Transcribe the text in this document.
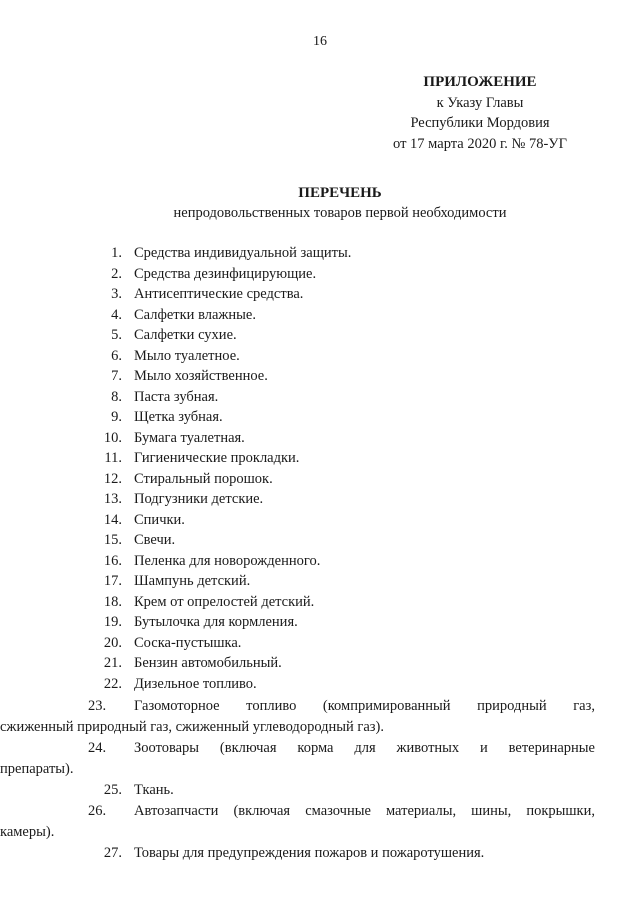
16
ПРИЛОЖЕНИЕ
к Указу Главы
Республики Мордовия
от 17 марта 2020 г. № 78-УГ
ПЕРЕЧЕНЬ
непродовольственных товаров первой необходимости
1. Средства индивидуальной защиты.
2. Средства дезинфицирующие.
3. Антисептические средства.
4. Салфетки влажные.
5. Салфетки сухие.
6. Мыло туалетное.
7. Мыло хозяйственное.
8. Паста зубная.
9. Щетка зубная.
10. Бумага туалетная.
11. Гигиенические прокладки.
12. Стиральный порошок.
13. Подгузники детские.
14. Спички.
15. Свечи.
16. Пеленка для новорожденного.
17. Шампунь детский.
18. Крем от опрелостей детский.
19. Бутылочка для кормления.
20. Соска-пустышка.
21. Бензин автомобильный.
22. Дизельное топливо.
23.	Газомоторное топливо (компримированный природный газ,
сжиженный природный газ, сжиженный углеводородный газ).
24.	Зоотовары (включая корма для животных и ветеринарные
препараты).
25. Ткань.
26.	Автозапчасти (включая смазочные материалы, шины, покрышки,
камеры).
27. Товары для предупреждения пожаров и пожаротушения.
